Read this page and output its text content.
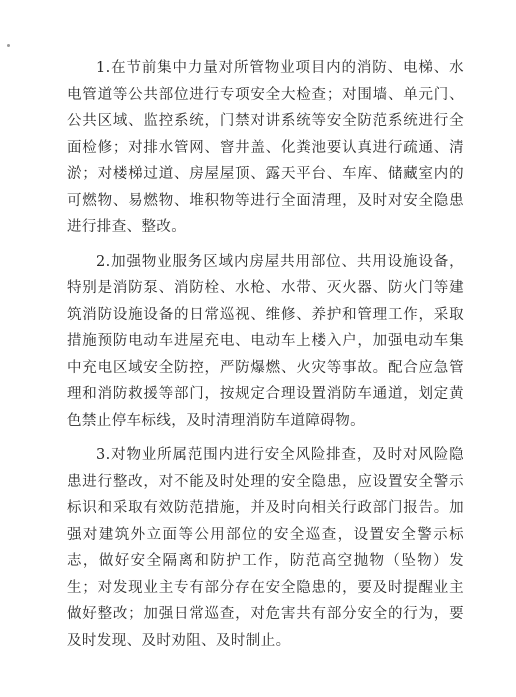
1.在节前集中力量对所管物业项目内的消防、电梯、水电管道等公共部位进行专项安全大检查；对围墙、单元门、公共区域、监控系统，门禁对讲系统等安全防范系统进行全面检修；对排水管网、窨井盖、化粪池要认真进行疏通、清淤；对楼梯过道、房屋屋顶、露天平台、车库、储藏室内的可燃物、易燃物、堆积物等进行全面清理，及时对安全隐患进行排查、整改。

2.加强物业服务区域内房屋共用部位、共用设施设备，特别是消防泵、消防栓、水枪、水带、灭火器、防火门等建筑消防设施设备的日常巡视、维修、养护和管理工作，采取措施预防电动车进屋充电、电动车上楼入户，加强电动车集中充电区域安全防控，严防爆燃、火灾等事故。配合应急管理和消防救援等部门，按规定合理设置消防车通道，划定黄色禁止停车标线，及时清理消防车道障碍物。

3.对物业所属范围内进行安全风险排查，及时对风险隐患进行整改，对不能及时处理的安全隐患，应设置安全警示标识和采取有效防范措施，并及时向相关行政部门报告。加强对建筑外立面等公用部位的安全巡查，设置安全警示标志，做好安全隔离和防护工作，防范高空抛物（坠物）发生；对发现业主专有部分存在安全隐患的，要及时提醒业主做好整改；加强日常巡查，对危害共有部分安全的行为，要及时发现、及时劝阻、及时制止。
